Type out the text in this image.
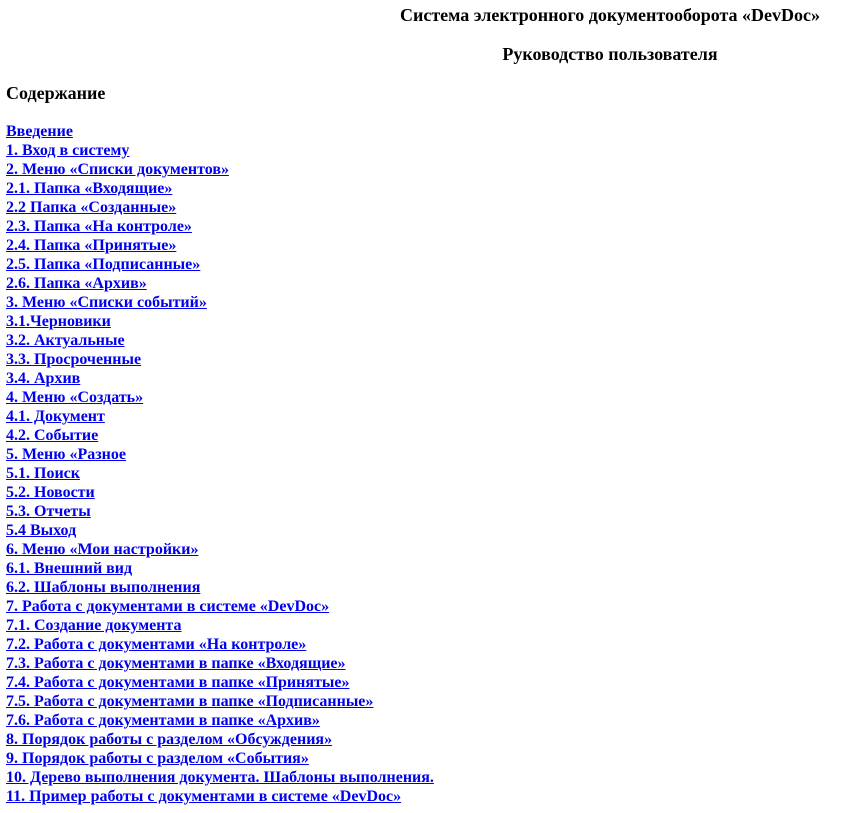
Система электронного документооборота «DevDoc»

Руководство пользователя

Содержание

Введение
1. Вход в систему
2. Меню «Списки документов»
2.1. Папка «Входящие»
2.2 Папка «Созданные»
2.3. Папка «На контроле»
2.4. Папка «Принятые»
2.5. Папка «Подписанные»
2.6. Папка «Архив»
3. Меню «Списки событий»
3.1.Черновики
3.2. Актуальные
3.3. Просроченные
3.4. Архив
4. Меню «Создать»
4.1. Документ
4.2. Событие
5. Меню «Разное
5.1. Поиск
5.2. Новости
5.3. Отчеты
5.4 Выход
6. Меню «Мои настройки»
6.1. Внешний вид
6.2. Шаблоны выполнения
7. Работа с документами в системе «DevDoc»
7.1. Создание документа
7.2. Работа с документами «На контроле»
7.3. Работа с документами в папке «Входящие»
7.4. Работа с документами в папке «Принятые»
7.5. Работа с документами в папке «Подписанные»
7.6. Работа с документами в папке «Архив»
8. Порядок работы с разделом «Обсуждения»
9. Порядок работы с разделом «События»
10. Дерево выполнения документа. Шаблоны выполнения.
11. Пример работы с документами в системе «DevDoc»
